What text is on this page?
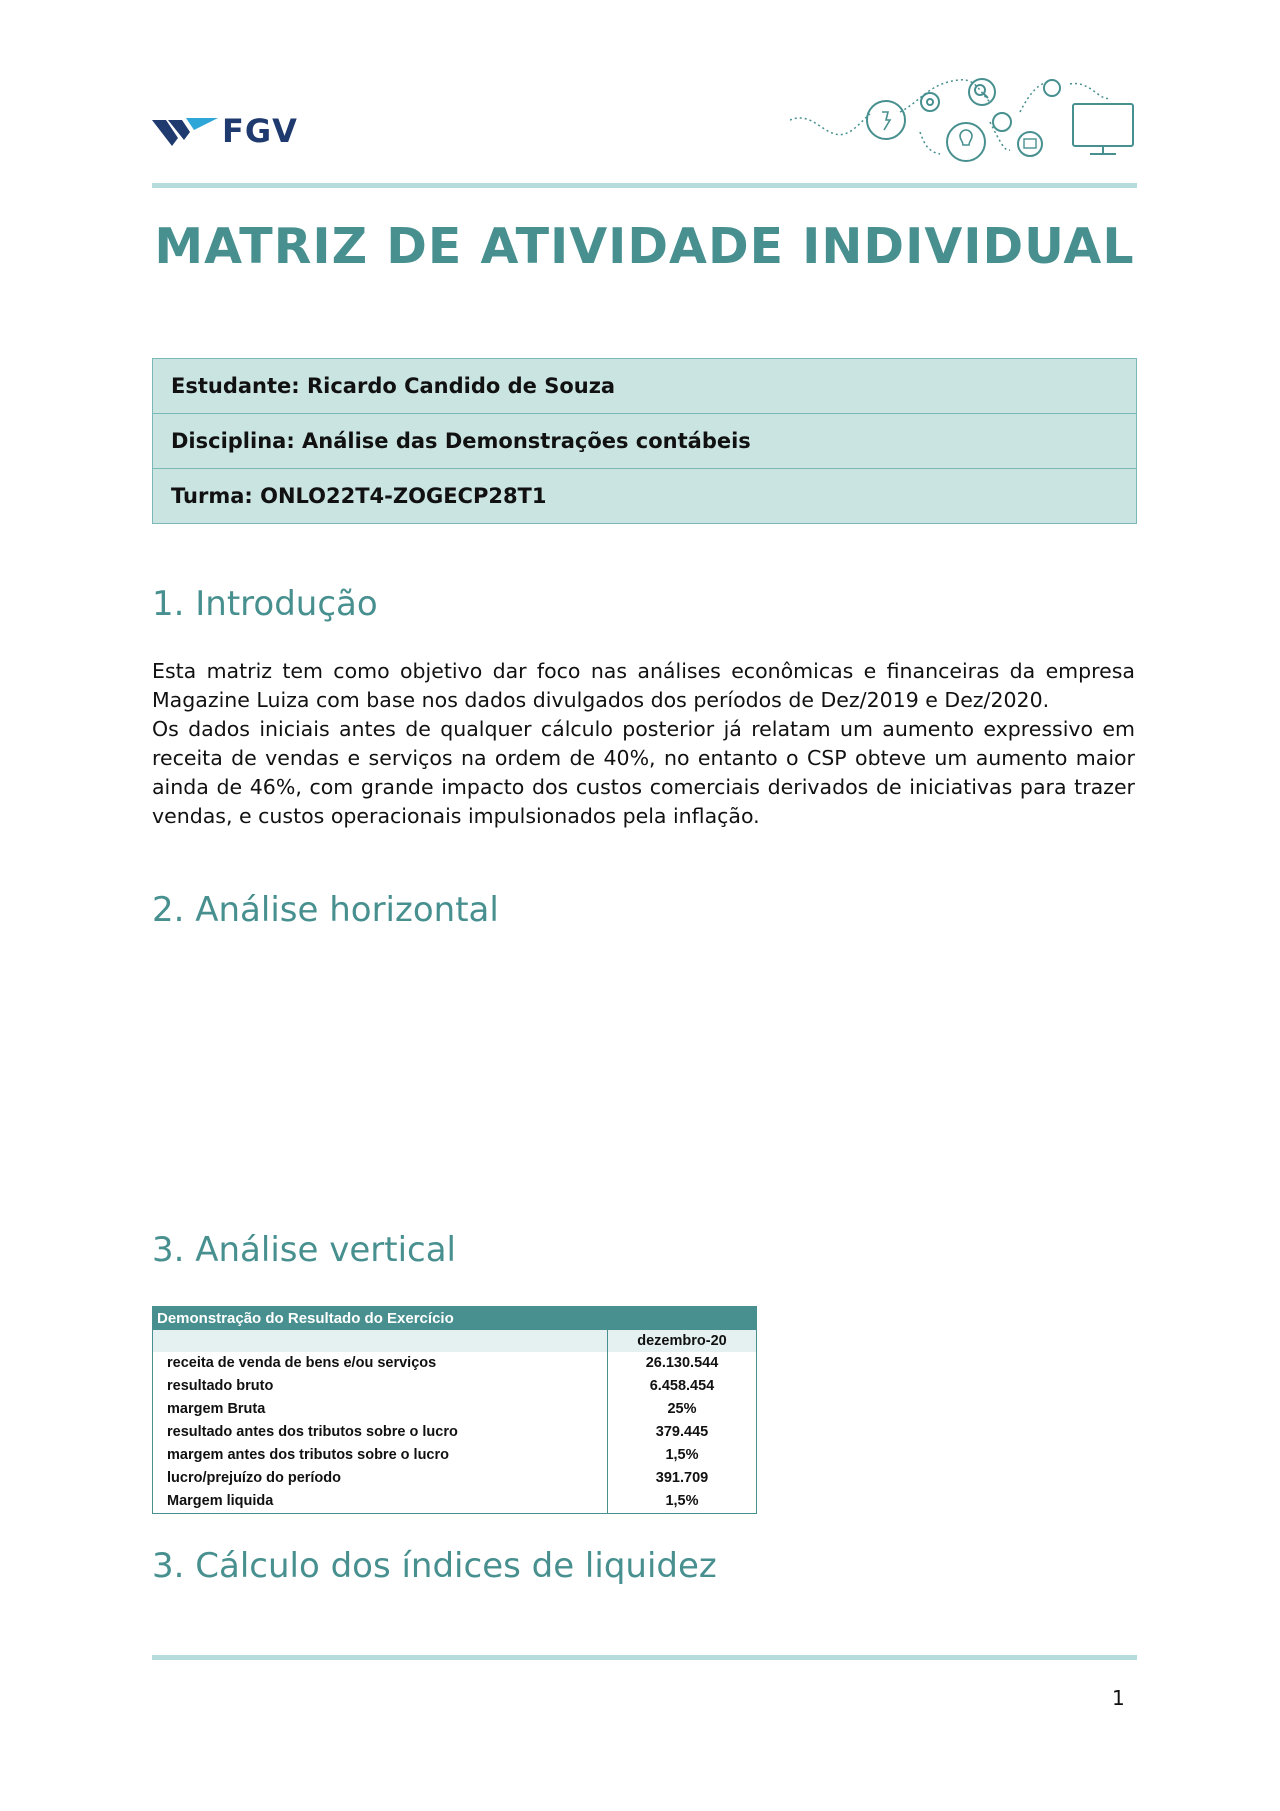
FGV
MATRIZ DE ATIVIDADE INDIVIDUAL
Estudante: Ricardo Candido de Souza
Disciplina: Análise das Demonstrações contábeis
Turma: ONLO22T4-ZOGECP28T1
1. Introdução

Esta matriz tem como objetivo dar foco nas análises econômicas e financeiras da empresa Magazine Luiza com base nos dados divulgados dos períodos de Dez/2019 e Dez/2020.

Os dados iniciais antes de qualquer cálculo posterior já relatam um aumento expressivo em receita de vendas e serviços na ordem de 40%, no entanto o CSP obteve um aumento maior ainda de 46%, com grande impacto dos custos comerciais derivados de iniciativas para trazer vendas, e custos operacionais impulsionados pela inflação.

2. Análise horizontal
3. Análise vertical
Demonstração do Resultado do Exercício
dezembro-20
receita de venda de bens e/ou serviços	26.130.544
resultado bruto	6.458.454
margem Bruta	25%
resultado antes dos tributos sobre o lucro	379.445
margem antes dos tributos sobre o lucro	1,5%
lucro/prejuízo do período	391.709
Margem liquida	1,5%
3. Cálculo dos índices de liquidez
1
